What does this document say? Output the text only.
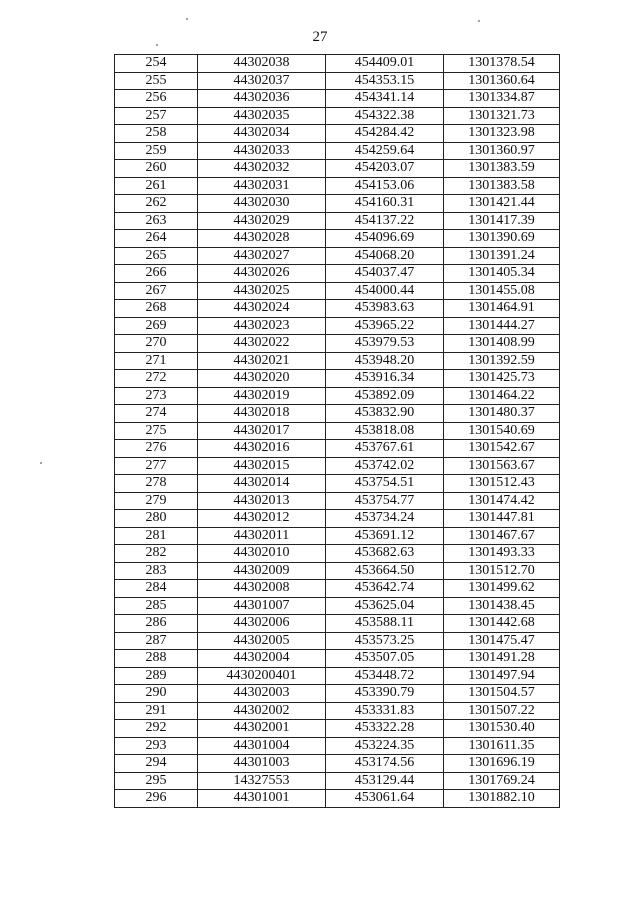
27
254	44302038	454409.01	1301378.54
255	44302037	454353.15	1301360.64
256	44302036	454341.14	1301334.87
257	44302035	454322.38	1301321.73
258	44302034	454284.42	1301323.98
259	44302033	454259.64	1301360.97
260	44302032	454203.07	1301383.59
261	44302031	454153.06	1301383.58
262	44302030	454160.31	1301421.44
263	44302029	454137.22	1301417.39
264	44302028	454096.69	1301390.69
265	44302027	454068.20	1301391.24
266	44302026	454037.47	1301405.34
267	44302025	454000.44	1301455.08
268	44302024	453983.63	1301464.91
269	44302023	453965.22	1301444.27
270	44302022	453979.53	1301408.99
271	44302021	453948.20	1301392.59
272	44302020	453916.34	1301425.73
273	44302019	453892.09	1301464.22
274	44302018	453832.90	1301480.37
275	44302017	453818.08	1301540.69
276	44302016	453767.61	1301542.67
277	44302015	453742.02	1301563.67
278	44302014	453754.51	1301512.43
279	44302013	453754.77	1301474.42
280	44302012	453734.24	1301447.81
281	44302011	453691.12	1301467.67
282	44302010	453682.63	1301493.33
283	44302009	453664.50	1301512.70
284	44302008	453642.74	1301499.62
285	44301007	453625.04	1301438.45
286	44302006	453588.11	1301442.68
287	44302005	453573.25	1301475.47
288	44302004	453507.05	1301491.28
289	4430200401	453448.72	1301497.94
290	44302003	453390.79	1301504.57
291	44302002	453331.83	1301507.22
292	44302001	453322.28	1301530.40
293	44301004	453224.35	1301611.35
294	44301003	453174.56	1301696.19
295	14327553	453129.44	1301769.24
296	44301001	453061.64	1301882.10
